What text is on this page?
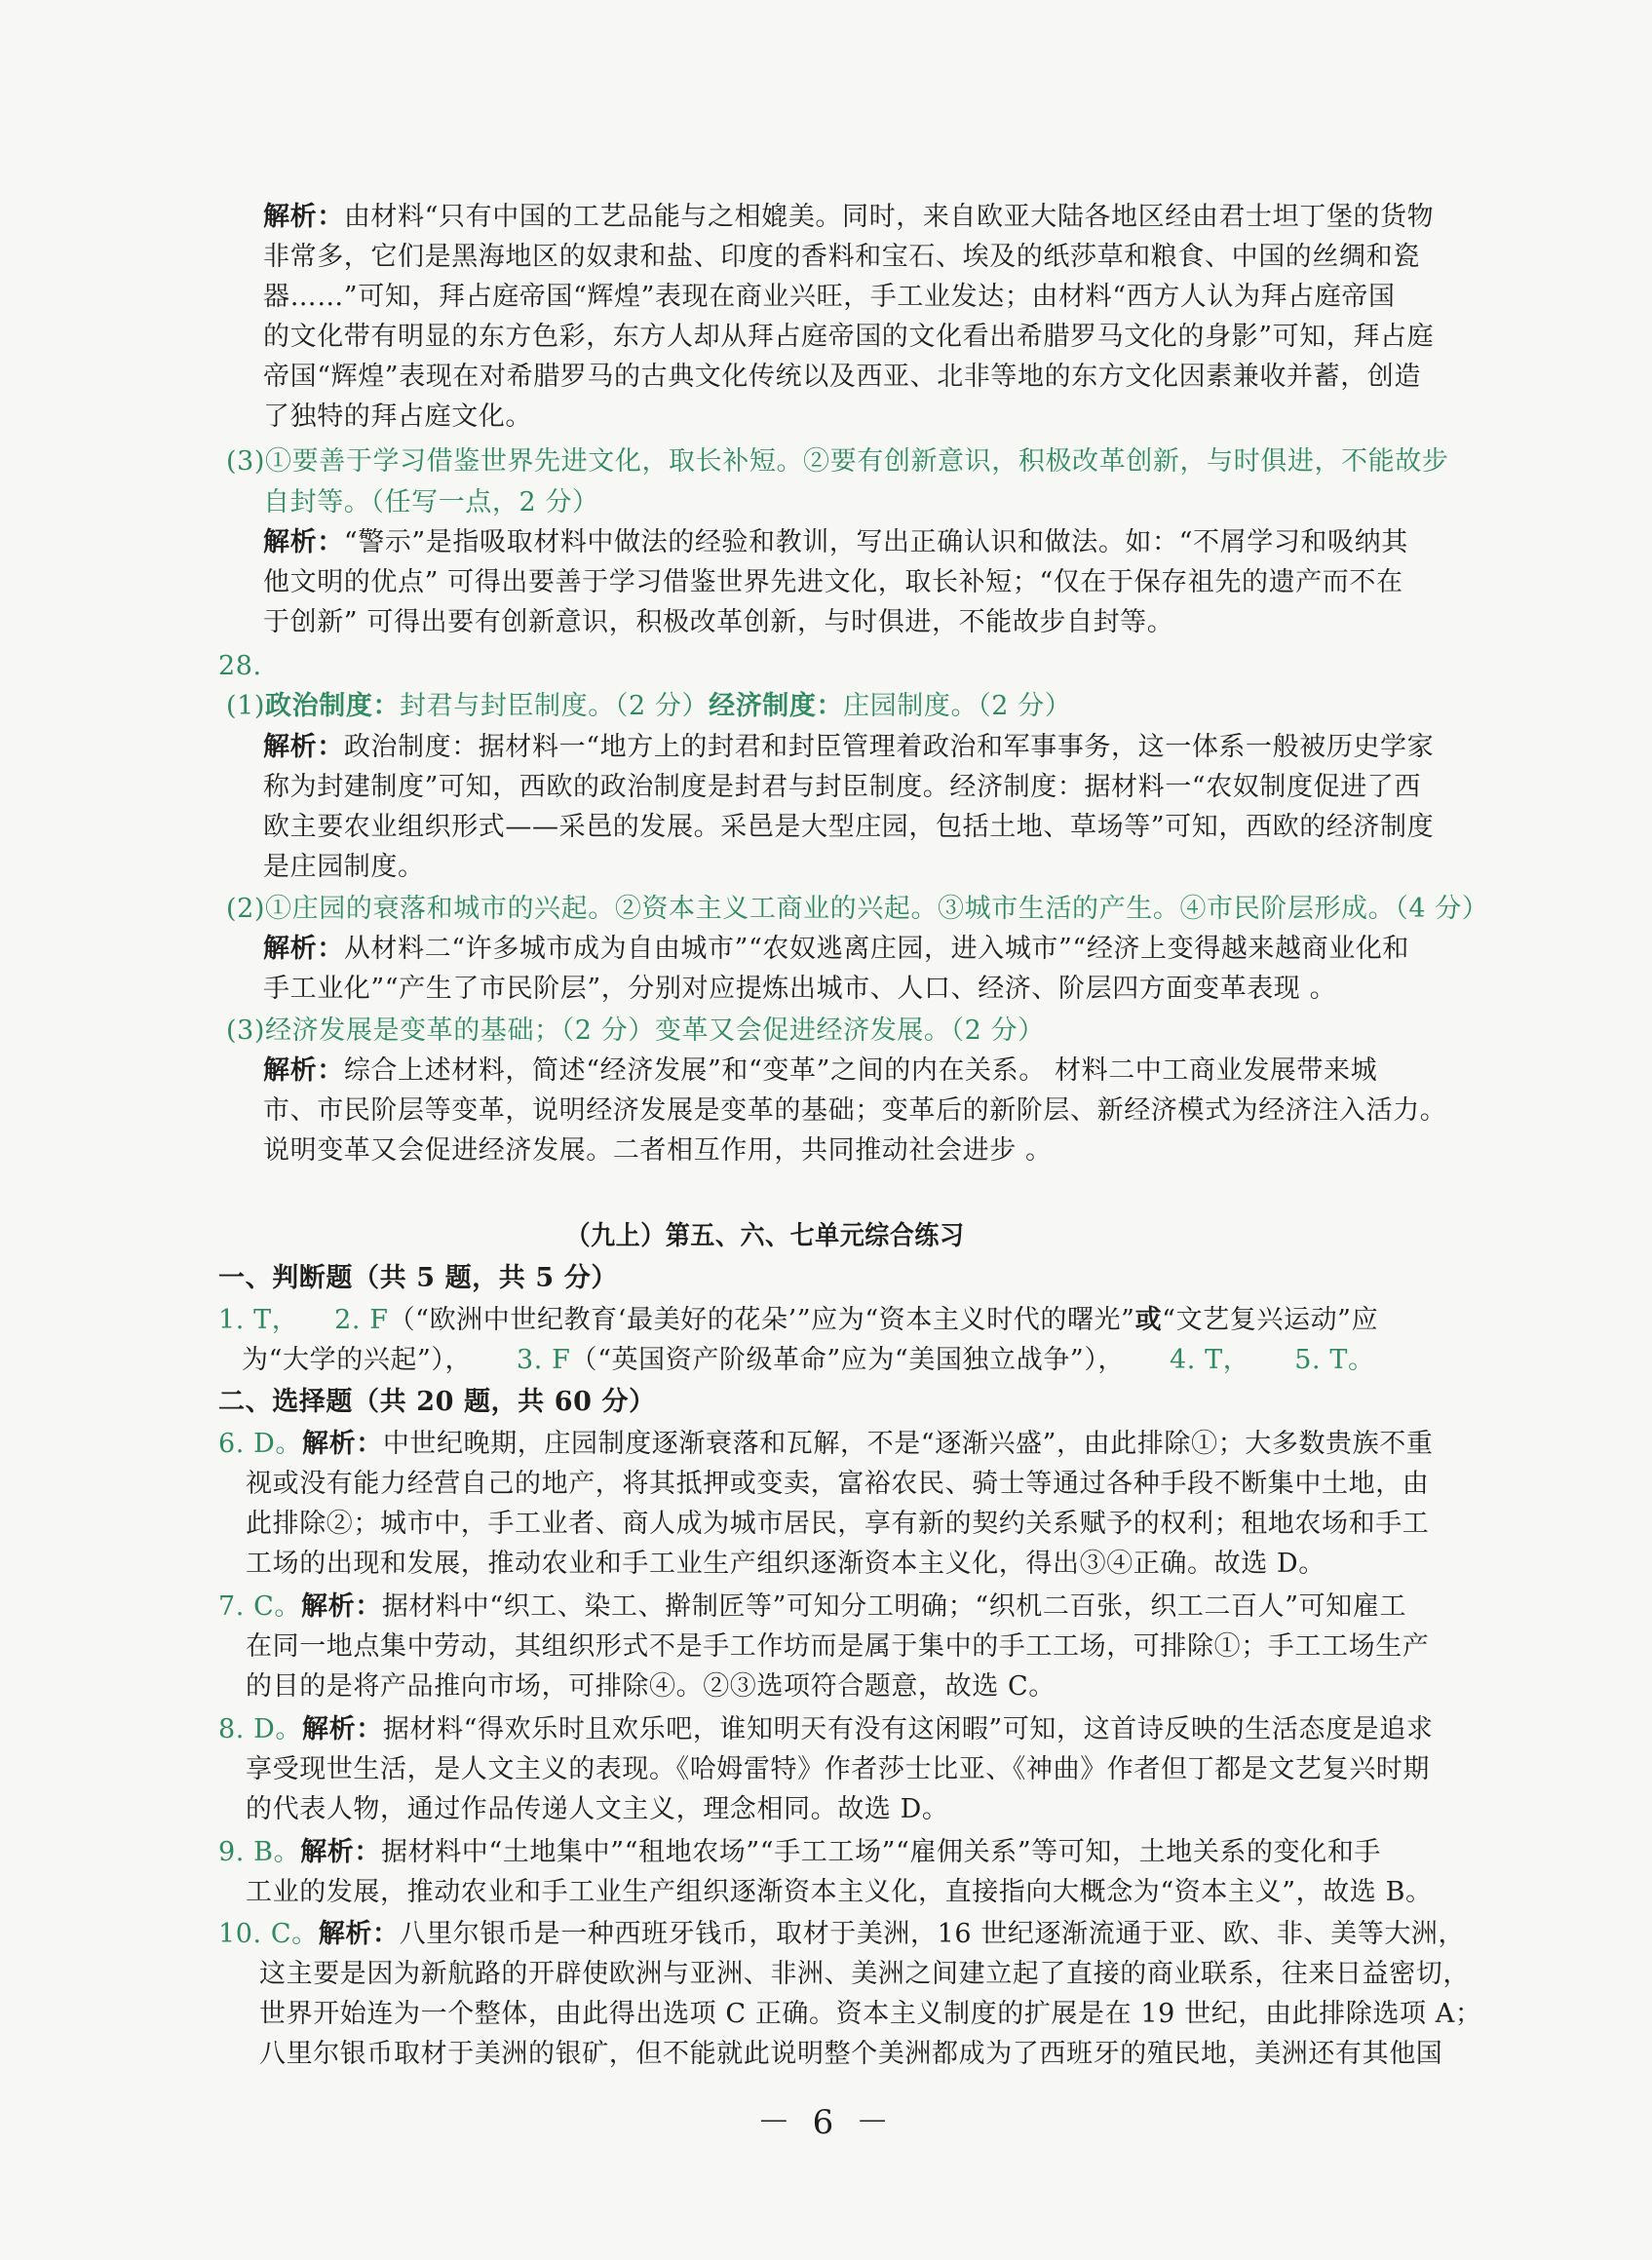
解析：由材料“只有中国的工艺品能与之相媲美。同时，来自欧亚大陆各地区经由君士坦丁堡的货物
非常多，它们是黑海地区的奴隶和盐、印度的香料和宝石、埃及的纸莎草和粮食、中国的丝绸和瓷
器……”可知，拜占庭帝国“辉煌”表现在商业兴旺，手工业发达；由材料“西方人认为拜占庭帝国
的文化带有明显的东方色彩，东方人却从拜占庭帝国的文化看出希腊罗马文化的身影”可知，拜占庭
帝国“辉煌”表现在对希腊罗马的古典文化传统以及西亚、北非等地的东方文化因素兼收并蓄，创造
了独特的拜占庭文化。
(3)①要善于学习借鉴世界先进文化，取长补短。②要有创新意识，积极改革创新，与时俱进，不能故步
自封等。（任写一点，2 分）
解析：“警示”是指吸取材料中做法的经验和教训，写出正确认识和做法。如：“不屑学习和吸纳其
他文明的优点” 可得出要善于学习借鉴世界先进文化，取长补短；“仅在于保存祖先的遗产而不在
于创新” 可得出要有创新意识，积极改革创新，与时俱进，不能故步自封等。
28.
(1)政治制度：封君与封臣制度。（2 分）经济制度：庄园制度。（2 分）
解析：政治制度：据材料一“地方上的封君和封臣管理着政治和军事事务，这一体系一般被历史学家
称为封建制度”可知，西欧的政治制度是封君与封臣制度。经济制度：据材料一“农奴制度促进了西
欧主要农业组织形式——采邑的发展。采邑是大型庄园，包括土地、草场等”可知，西欧的经济制度
是庄园制度。
(2)①庄园的衰落和城市的兴起。②资本主义工商业的兴起。③城市生活的产生。④市民阶层形成。（4 分）
解析：从材料二“许多城市成为自由城市”“农奴逃离庄园，进入城市”“经济上变得越来越商业化和
手工业化”“产生了市民阶层”，分别对应提炼出城市、人口、经济、阶层四方面变革表现 。
(3)经济发展是变革的基础；（2 分）变革又会促进经济发展。（2 分）
解析：综合上述材料，简述“经济发展”和“变革”之间的内在关系。 材料二中工商业发展带来城
市、市民阶层等变革，说明经济发展是变革的基础；变革后的新阶层、新经济模式为经济注入活力。
说明变革又会促进经济发展。二者相互作用，共同推动社会进步 。
（九上）第五、六、七单元综合练习
一、判断题（共 5 题，共 5 分）
1. T， 2. F（“欧洲中世纪教育‘最美好的花朵’”应为“资本主义时代的曙光”或“文艺复兴运动”应
为“大学的兴起”）， 3. F（“英国资产阶级革命”应为“美国独立战争”）， 4. T， 5. T。
二、选择题（共 20 题，共 60 分）
6. D。解析：中世纪晚期，庄园制度逐渐衰落和瓦解，不是“逐渐兴盛”，由此排除①；大多数贵族不重
视或没有能力经营自己的地产，将其抵押或变卖，富裕农民、骑士等通过各种手段不断集中土地，由
此排除②；城市中，手工业者、商人成为城市居民，享有新的契约关系赋予的权利；租地农场和手工
工场的出现和发展，推动农业和手工业生产组织逐渐资本主义化，得出③④正确。故选 D。
7. C。解析：据材料中“织工、染工、擀制匠等”可知分工明确；“织机二百张，织工二百人”可知雇工
在同一地点集中劳动，其组织形式不是手工作坊而是属于集中的手工工场，可排除①；手工工场生产
的目的是将产品推向市场，可排除④。②③选项符合题意，故选 C。
8. D。解析：据材料“得欢乐时且欢乐吧，谁知明天有没有这闲暇”可知，这首诗反映的生活态度是追求
享受现世生活，是人文主义的表现。《哈姆雷特》作者莎士比亚、《神曲》作者但丁都是文艺复兴时期
的代表人物，通过作品传递人文主义，理念相同。故选 D。
9. B。解析：据材料中“土地集中”“租地农场”“手工工场”“雇佣关系”等可知，土地关系的变化和手
工业的发展，推动农业和手工业生产组织逐渐资本主义化，直接指向大概念为“资本主义”，故选 B。
10. C。解析：八里尔银币是一种西班牙钱币，取材于美洲，16 世纪逐渐流通于亚、欧、非、美等大洲，
这主要是因为新航路的开辟使欧洲与亚洲、非洲、美洲之间建立起了直接的商业联系，往来日益密切，
世界开始连为一个整体，由此得出选项 C 正确。资本主义制度的扩展是在 19 世纪，由此排除选项 A；
八里尔银币取材于美洲的银矿，但不能就此说明整个美洲都成为了西班牙的殖民地，美洲还有其他国
－ 6 －
